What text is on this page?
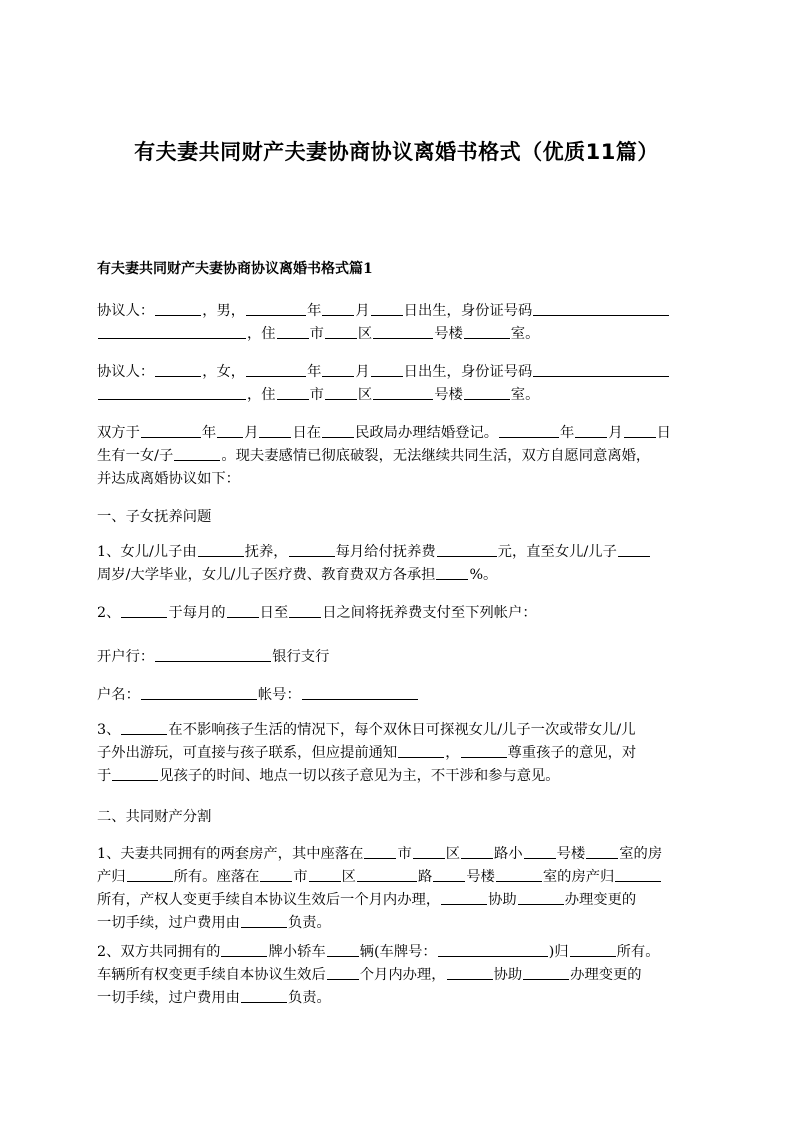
有夫妻共同财产夫妻协商协议离婚书格式（优质11篇）
有夫妻共同财产夫妻协商协议离婚书格式篇1
协议人：	，男，	年 月 日出生，身份证号码
，住 市 区	号楼	室。
协议人：	，女，	年 月 日出生，身份证号码
，住 市 区	号楼	室。
双方于	年 月 日在 民政局办理结婚登记。	年 月 日
生有一女/子	。现夫妻感情已彻底破裂，无法继续共同生活，双方自愿同意离婚，
并达成离婚协议如下：
一、子女抚养问题
1、女儿/儿子由	抚养，	每月给付抚养费	元，直至女儿/儿子
周岁/大学毕业，女儿/儿子医疗费、教育费双方各承担 %。
2、	于每月的 日至 日之间将抚养费支付至下列帐户：
开户行：	银行支行
户名：	帐号：
3、	在不影响孩子生活的情况下，每个双休日可探视女儿/儿子一次或带女儿/儿
子外出游玩，可直接与孩子联系，但应提前通知	，	尊重孩子的意见，对
于	见孩子的时间、地点一切以孩子意见为主，不干涉和参与意见。
二、共同财产分割
1、夫妻共同拥有的两套房产，其中座落在 市 区 路小 号楼 室的房
产归	所有。座落在 市 区	路 号楼	室的房产归
所有，产权人变更手续自本协议生效后一个月内办理，	协助	办理变更的
一切手续，过户费用由	负责。
2、双方共同拥有的	牌小轿车 辆(车牌号：	)归	所有。
车辆所有权变更手续自本协议生效后 个月内办理，	协助	办理变更的
一切手续，过户费用由	负责。
